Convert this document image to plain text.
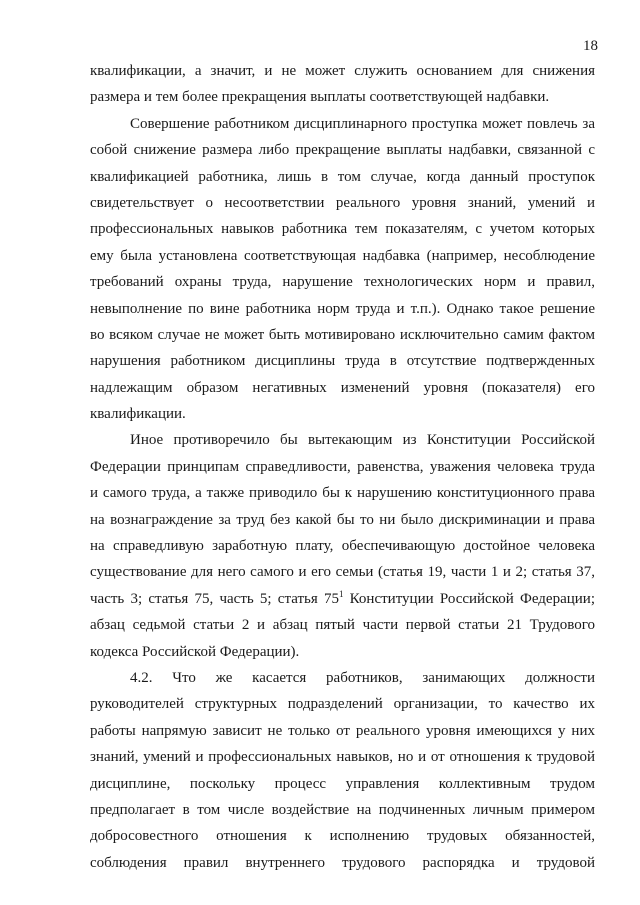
18
квалификации, а значит, и не может служить основанием для снижения
размера и тем более прекращения выплаты соответствующей надбавки.
Совершение работником дисциплинарного проступка может повлечь за
собой снижение размера либо прекращение выплаты надбавки, связанной с
квалификацией работника, лишь в том случае, когда данный проступок
свидетельствует о несоответствии реального уровня знаний, умений и
профессиональных навыков работника тем показателям, с учетом которых
ему была установлена соответствующая надбавка (например, несоблюдение
требований охраны труда, нарушение технологических норм и правил,
невыполнение по вине работника норм труда и т.п.). Однако такое решение
во всяком случае не может быть мотивировано исключительно самим фактом
нарушения работником дисциплины труда в отсутствие подтвержденных
надлежащим образом негативных изменений уровня (показателя) его
квалификации.
Иное противоречило бы вытекающим из Конституции Российской
Федерации принципам справедливости, равенства, уважения человека труда
и самого труда, а также приводило бы к нарушению конституционного права
на вознаграждение за труд без какой бы то ни было дискриминации и права
на справедливую заработную плату, обеспечивающую достойное человека
существование для него самого и его семьи (статья 19, части 1 и 2; статья 37,
часть 3; статья 75, часть 5; статья $75^1$ Конституции Российской Федерации;
абзац седьмой статьи 2 и абзац пятый части первой статьи 21 Трудового
кодекса Российской Федерации).
4.2. Что же касается работников, занимающих должности
руководителей структурных подразделений организации, то качество их
работы напрямую зависит не только от реального уровня имеющихся у них
знаний, умений и профессиональных навыков, но и от отношения к трудовой
дисциплине, поскольку процесс управления коллективным трудом
предполагает в том числе воздействие на подчиненных личным примером
добросовестного отношения к исполнению трудовых обязанностей,
соблюдения правил внутреннего трудового распорядка и трудовой
